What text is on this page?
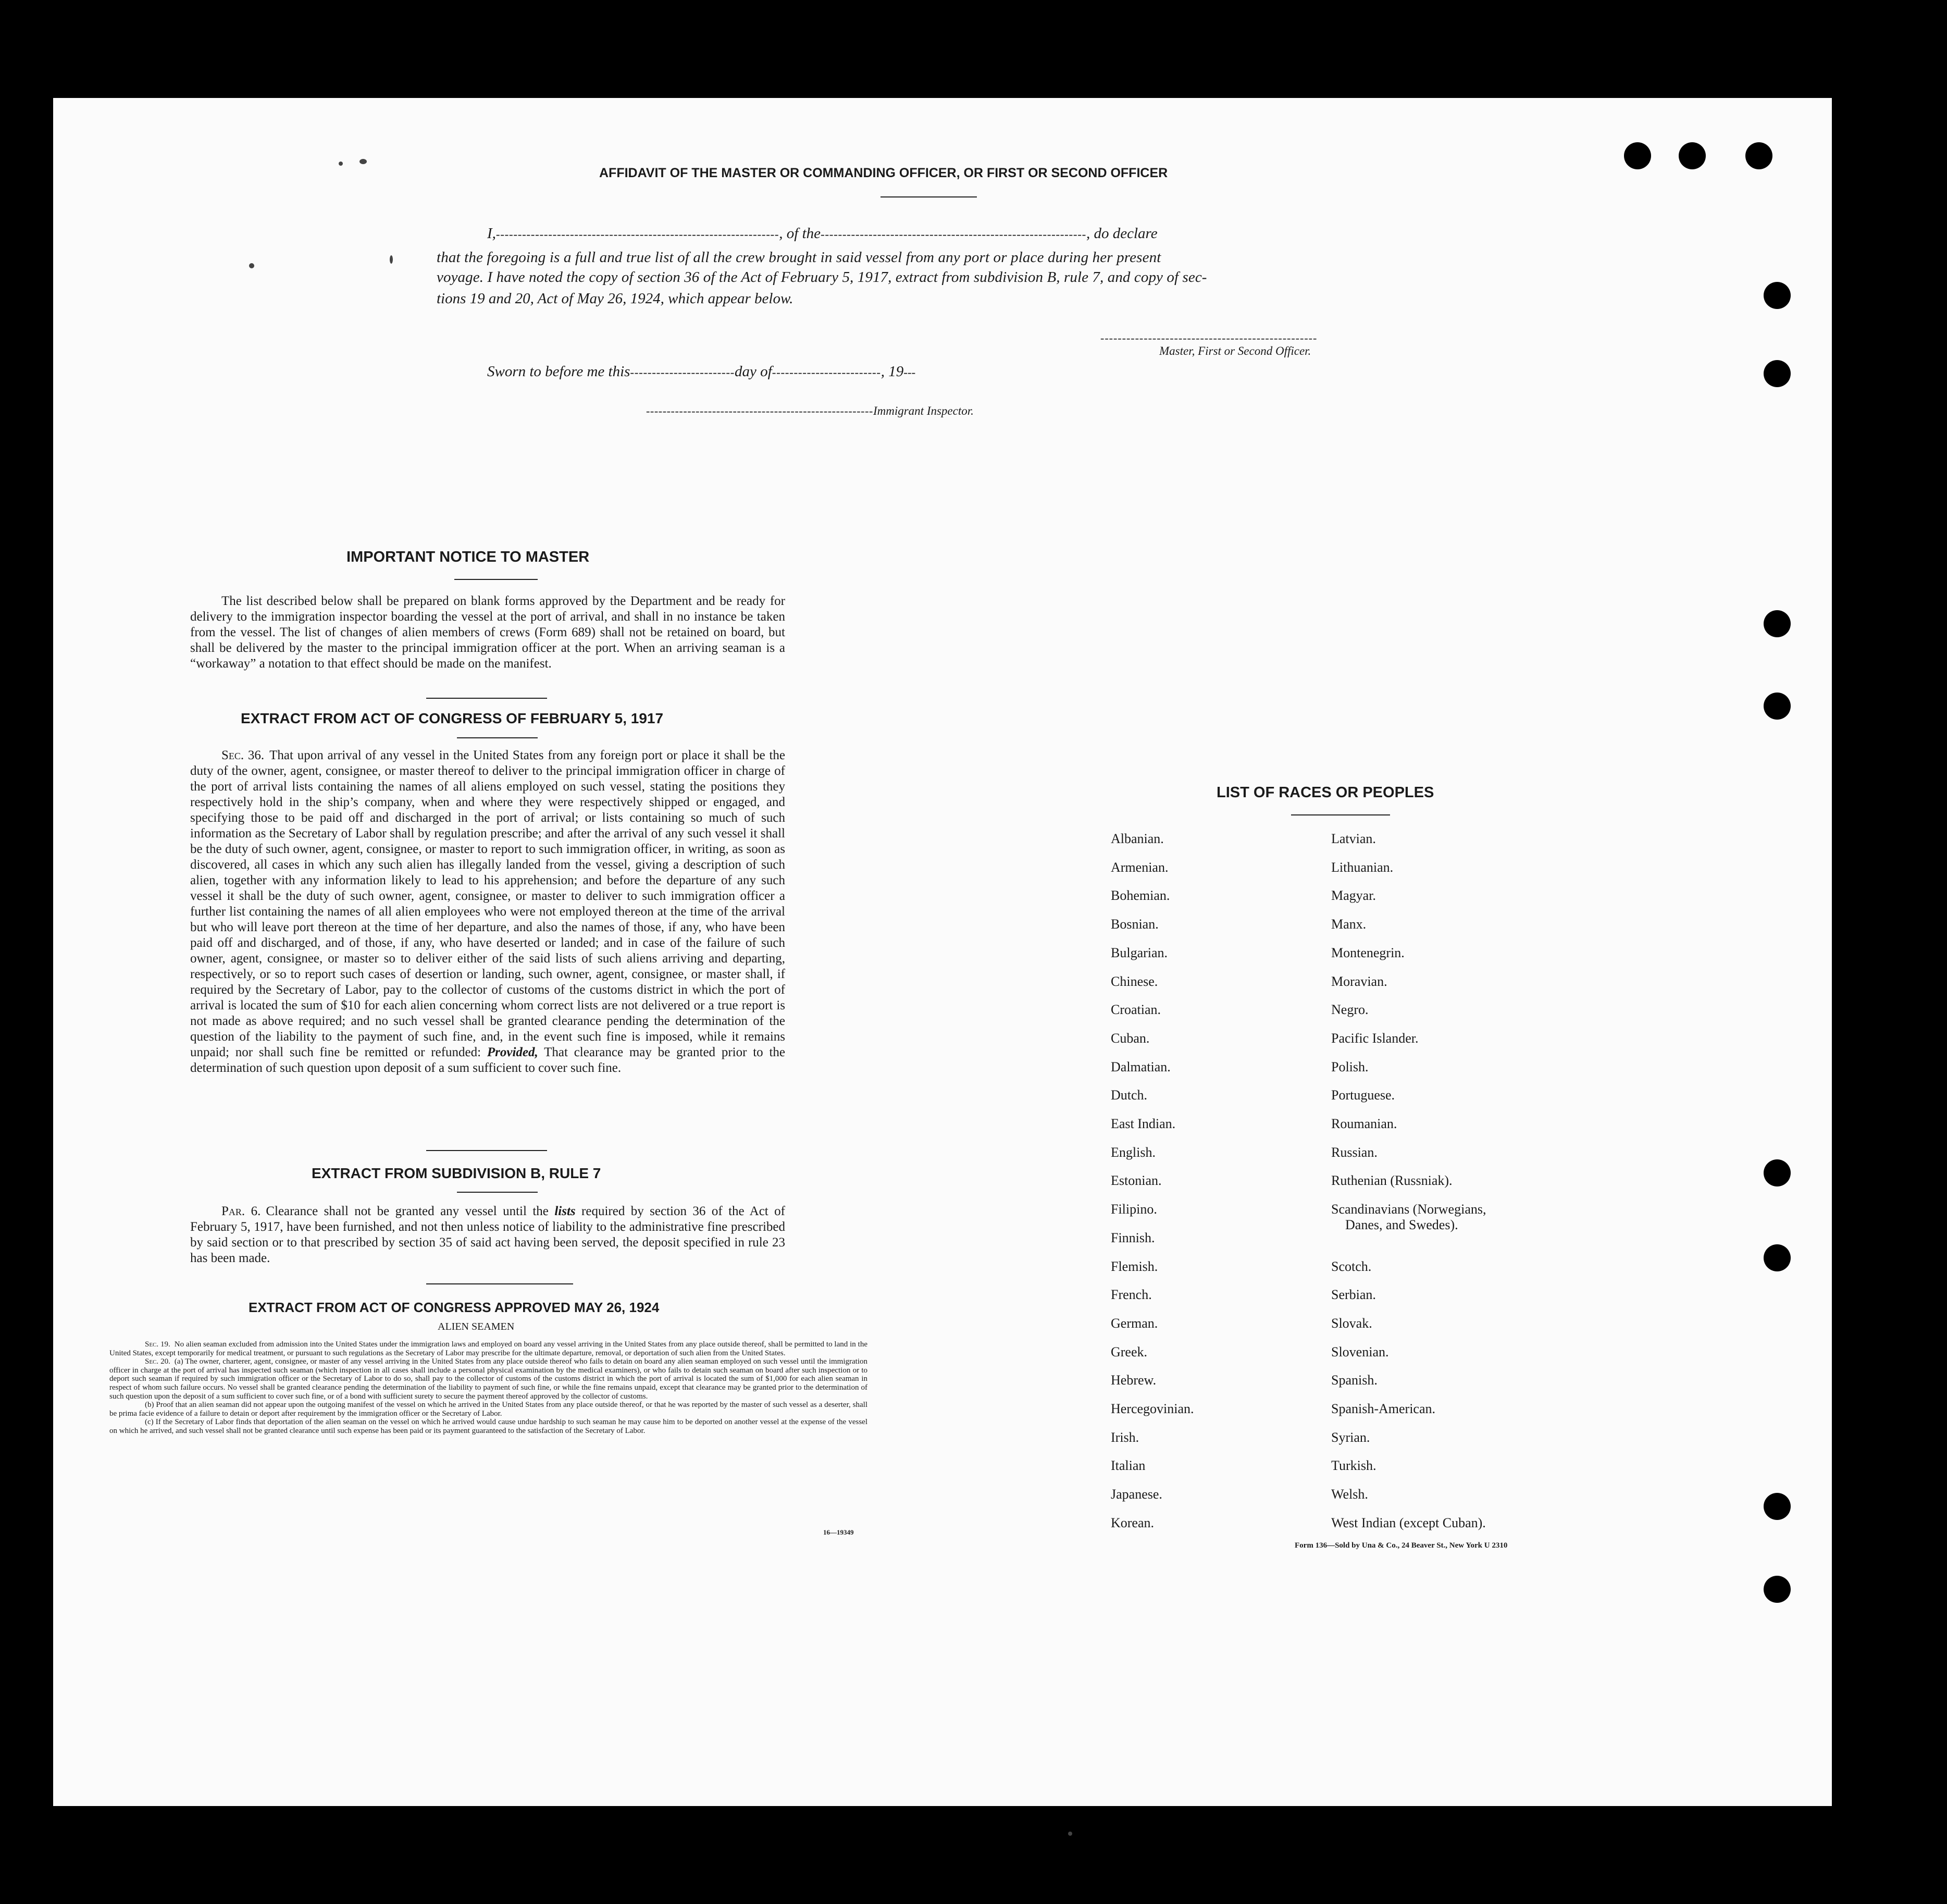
AFFIDAVIT OF THE MASTER OR COMMANDING OFFICER, OR FIRST OR SECOND OFFICER
I,-----------------------------------------------------------------, of the-------------------------------------------------------------, do declare
that the foregoing is a full and true list of all the crew brought in said vessel from any port or place during her present
voyage. I have noted the copy of section 36 of the Act of February 5, 1917, extract from subdivision B, rule 7, and copy of sec-
tions 19 and 20, Act of May 26, 1924, which appear below.
--------------------------------------------------
Master, First or Second Officer.
Sworn to before me this------------------------day of-------------------------, 19---
-------------------------------------------------------Immigrant Inspector.
IMPORTANT NOTICE TO MASTER
The list described below shall be prepared on blank forms approved by the Department and be ready for delivery to the immigration inspector boarding the vessel at the port of arrival, and shall in no instance be taken from the vessel. The list of changes of alien members of crews (Form 689) shall not be retained on board, but shall be delivered by the master to the principal immigration officer at the port. When an arriving seaman is a “workaway” a notation to that effect should be made on the manifest.
EXTRACT FROM ACT OF CONGRESS OF FEBRUARY 5, 1917
Sec. 36. That upon arrival of any vessel in the United States from any foreign port or place it shall be the duty of the owner, agent, consignee, or master thereof to deliver to the principal immigration officer in charge of the port of arrival lists containing the names of all aliens employed on such vessel, stating the positions they respectively hold in the ship’s company, when and where they were respectively shipped or engaged, and specifying those to be paid off and discharged in the port of arrival; or lists containing so much of such information as the Secretary of Labor shall by regulation prescribe; and after the arrival of any such vessel it shall be the duty of such owner, agent, consignee, or master to report to such immigration officer, in writing, as soon as discovered, all cases in which any such alien has illegally landed from the vessel, giving a description of such alien, together with any information likely to lead to his apprehension; and before the departure of any such vessel it shall be the duty of such owner, agent, consignee, or master to deliver to such immigration officer a further list containing the names of all alien employees who were not employed thereon at the time of the arrival but who will leave port thereon at the time of her departure, and also the names of those, if any, who have been paid off and discharged, and of those, if any, who have deserted or landed; and in case of the failure of such owner, agent, consignee, or master so to deliver either of the said lists of such aliens arriving and departing, respectively, or so to report such cases of desertion or landing, such owner, agent, consignee, or master shall, if required by the Secretary of Labor, pay to the collector of customs of the customs district in which the port of arrival is located the sum of $10 for each alien concerning whom correct lists are not delivered or a true report is not made as above required; and no such vessel shall be granted clearance pending the determination of the question of the liability to the payment of such fine, and, in the event such fine is imposed, while it remains unpaid; nor shall such fine be remitted or refunded: Provided, That clearance may be granted prior to the determination of such question upon deposit of a sum sufficient to cover such fine.
EXTRACT FROM SUBDIVISION B, RULE 7
Par. 6. Clearance shall not be granted any vessel until the lists required by section 36 of the Act of February 5, 1917, have been furnished, and not then unless notice of liability to the administrative fine prescribed by said section or to that prescribed by section 35 of said act having been served, the deposit specified in rule 23 has been made.
EXTRACT FROM ACT OF CONGRESS APPROVED MAY 26, 1924
ALIEN SEAMEN
Sec. 19. No alien seaman excluded from admission into the United States under the immigration laws and employed on board any vessel arriving in the United States from any place outside thereof, shall be permitted to land in the United States, except temporarily for medical treatment, or pursuant to such regulations as the Secretary of Labor may prescribe for the ultimate departure, removal, or deportation of such alien from the United States.
Sec. 20. (a) The owner, charterer, agent, consignee, or master of any vessel arriving in the United States from any place outside thereof who fails to detain on board any alien seaman employed on such vessel until the immigration officer in charge at the port of arrival has inspected such seaman (which inspection in all cases shall include a personal physical examination by the medical examiners), or who fails to detain such seaman on board after such inspection or to deport such seaman if required by such immigration officer or the Secretary of Labor to do so, shall pay to the collector of customs of the customs district in which the port of arrival is located the sum of $1,000 for each alien seaman in respect of whom such failure occurs. No vessel shall be granted clearance pending the determination of the liability to payment of such fine, or while the fine remains unpaid, except that clearance may be granted prior to the determination of such question upon the deposit of a sum sufficient to cover such fine, or of a bond with sufficient surety to secure the payment thereof approved by the collector of customs.
(b) Proof that an alien seaman did not appear upon the outgoing manifest of the vessel on which he arrived in the United States from any place outside thereof, or that he was reported by the master of such vessel as a deserter, shall be prima facie evidence of a failure to detain or deport after requirement by the immigration officer or the Secretary of Labor.
(c) If the Secretary of Labor finds that deportation of the alien seaman on the vessel on which he arrived would cause undue hardship to such seaman he may cause him to be deported on another vessel at the expense of the vessel on which he arrived, and such vessel shall not be granted clearance until such expense has been paid or its payment guaranteed to the satisfaction of the Secretary of Labor.
16—19349
LIST OF RACES OR PEOPLES
Albanian.
Armenian.
Bohemian.
Bosnian.
Bulgarian.
Chinese.
Croatian.
Cuban.
Dalmatian.
Dutch.
East Indian.
English.
Estonian.
Filipino.
Finnish.
Flemish.
French.
German.
Greek.
Hebrew.
Hercegovinian.
Irish.
Italian
Japanese.
Korean.
Latvian.
Lithuanian.
Magyar.
Manx.
Montenegrin.
Moravian.
Negro.
Pacific Islander.
Polish.
Portuguese.
Roumanian.
Russian.
Ruthenian (Russniak).
Scandinavians (Norwegians,
Danes, and Swedes).
Scotch.
Serbian.
Slovak.
Slovenian.
Spanish.
Spanish-American.
Syrian.
Turkish.
Welsh.
West Indian (except Cuban).
Form 136—Sold by Una & Co., 24 Beaver St., New York U 2310
